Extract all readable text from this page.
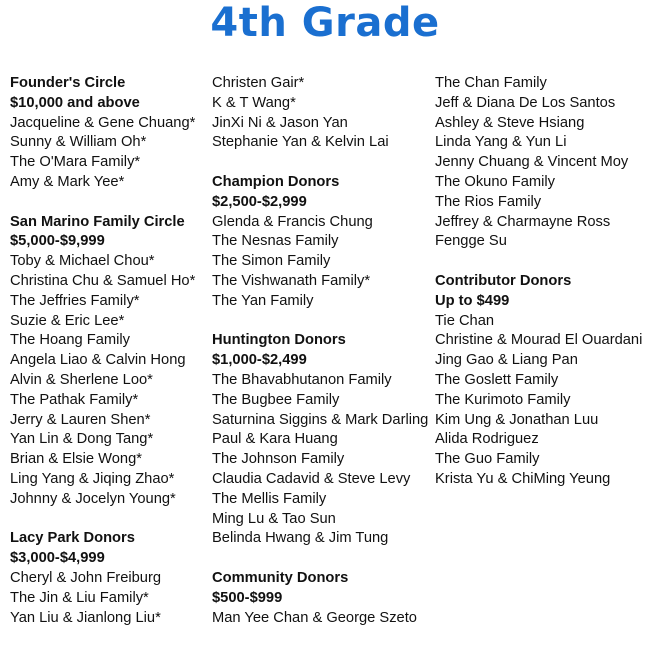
4th Grade
Founder's Circle
$10,000 and above
Jacqueline & Gene Chuang*
Sunny & William Oh*
The O'Mara Family*
Amy & Mark Yee*
San Marino Family Circle
$5,000-$9,999
Toby & Michael Chou*
Christina Chu & Samuel Ho*
The Jeffries Family*
Suzie & Eric Lee*
The Hoang Family
Angela Liao & Calvin Hong
Alvin & Sherlene Loo*
The Pathak Family*
Jerry & Lauren Shen*
Yan Lin & Dong Tang*
Brian & Elsie Wong*
Ling Yang & Jiqing Zhao*
Johnny & Jocelyn Young*
Lacy Park Donors
$3,000-$4,999
Cheryl & John Freiburg
The Jin & Liu Family*
Yan Liu & Jianlong Liu*
Christen Gair*
K & T Wang*
JinXi Ni & Jason Yan
Stephanie Yan & Kelvin Lai
Champion Donors
$2,500-$2,999
Glenda & Francis Chung
The Nesnas Family
The Simon Family
The Vishwanath Family*
The Yan Family
Huntington Donors
$1,000-$2,499
The Bhavabhutanon Family
The Bugbee Family
Saturnina Siggins & Mark Darling
Paul & Kara Huang
The Johnson Family
Claudia Cadavid & Steve Levy
The Mellis Family
Ming Lu & Tao Sun
Belinda Hwang & Jim Tung
Community Donors
$500-$999
Man Yee Chan & George Szeto
The Chan Family
Jeff & Diana De Los Santos
Ashley & Steve Hsiang
Linda Yang & Yun Li
Jenny Chuang & Vincent Moy
The Okuno Family
The Rios Family
Jeffrey & Charmayne Ross
Fengge Su
Contributor Donors
Up to $499
Tie Chan
Christine & Mourad El Ouardani
Jing Gao & Liang Pan
The Goslett Family
The Kurimoto Family
Kim Ung & Jonathan Luu
Alida Rodriguez
The Guo Family
Krista Yu & ChiMing Yeung
